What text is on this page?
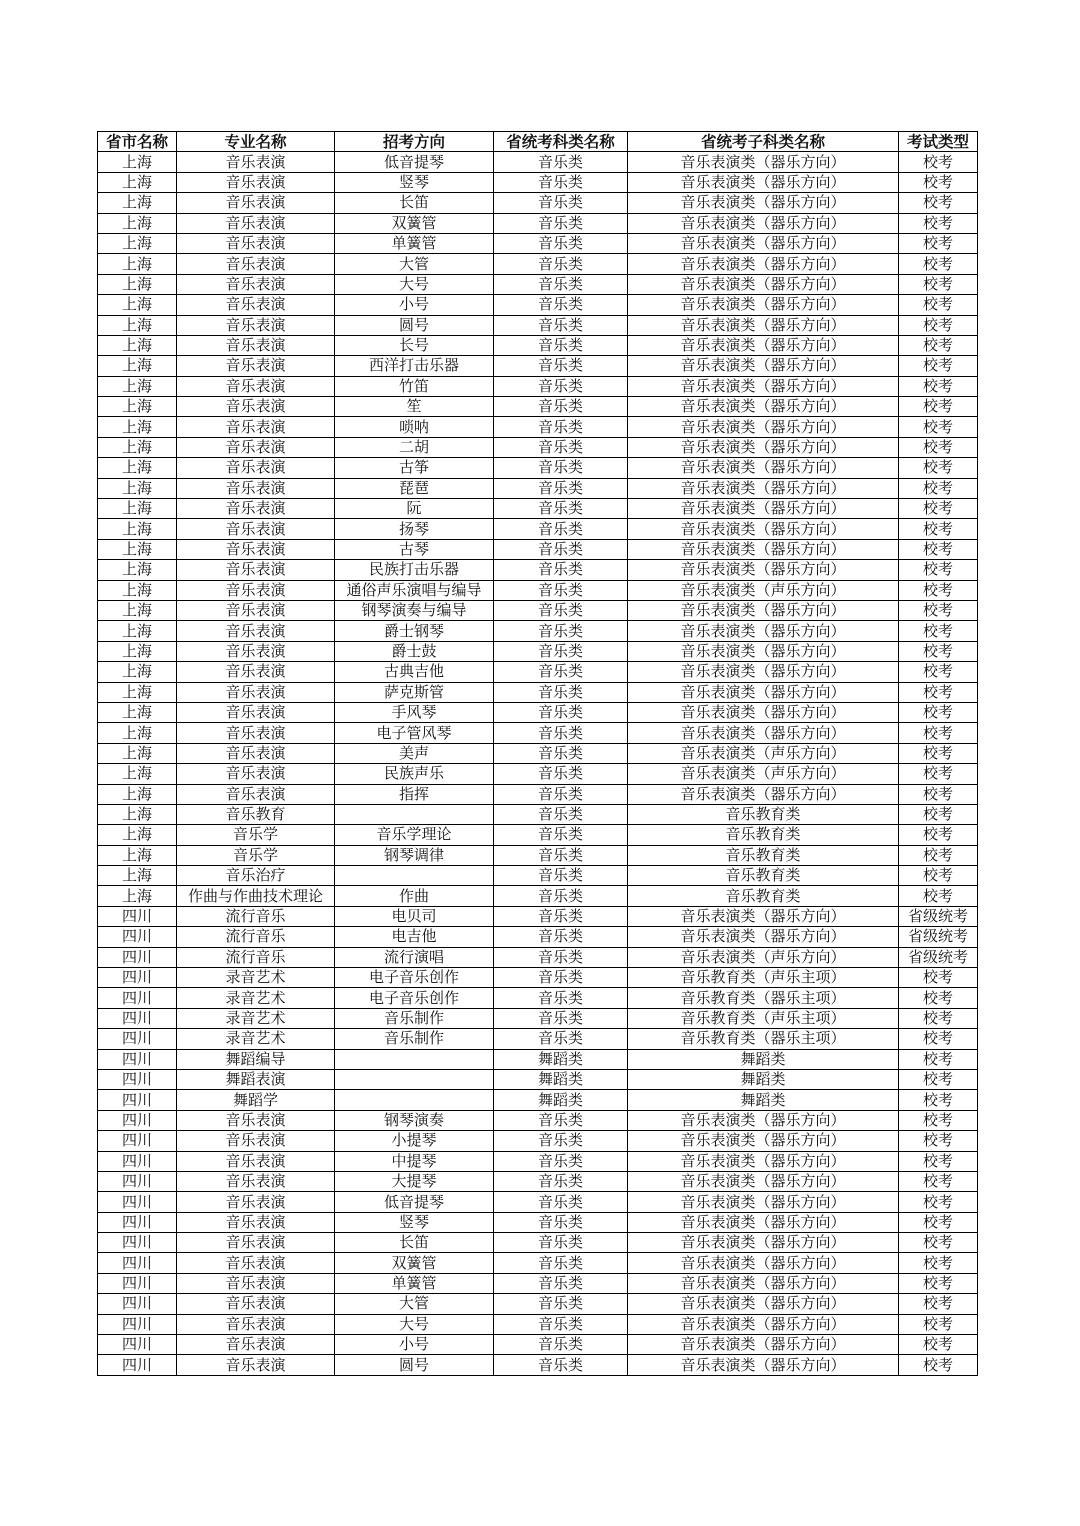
省市名称	专业名称	招考方向	省统考科类名称	省统考子科类名称	考试类型
上海	音乐表演	低音提琴	音乐类	音乐表演类（器乐方向）	校考
上海	音乐表演	竖琴	音乐类	音乐表演类（器乐方向）	校考
上海	音乐表演	长笛	音乐类	音乐表演类（器乐方向）	校考
上海	音乐表演	双簧管	音乐类	音乐表演类（器乐方向）	校考
上海	音乐表演	单簧管	音乐类	音乐表演类（器乐方向）	校考
上海	音乐表演	大管	音乐类	音乐表演类（器乐方向）	校考
上海	音乐表演	大号	音乐类	音乐表演类（器乐方向）	校考
上海	音乐表演	小号	音乐类	音乐表演类（器乐方向）	校考
上海	音乐表演	圆号	音乐类	音乐表演类（器乐方向）	校考
上海	音乐表演	长号	音乐类	音乐表演类（器乐方向）	校考
上海	音乐表演	西洋打击乐器	音乐类	音乐表演类（器乐方向）	校考
上海	音乐表演	竹笛	音乐类	音乐表演类（器乐方向）	校考
上海	音乐表演	笙	音乐类	音乐表演类（器乐方向）	校考
上海	音乐表演	唢呐	音乐类	音乐表演类（器乐方向）	校考
上海	音乐表演	二胡	音乐类	音乐表演类（器乐方向）	校考
上海	音乐表演	古筝	音乐类	音乐表演类（器乐方向）	校考
上海	音乐表演	琵琶	音乐类	音乐表演类（器乐方向）	校考
上海	音乐表演	阮	音乐类	音乐表演类（器乐方向）	校考
上海	音乐表演	扬琴	音乐类	音乐表演类（器乐方向）	校考
上海	音乐表演	古琴	音乐类	音乐表演类（器乐方向）	校考
上海	音乐表演	民族打击乐器	音乐类	音乐表演类（器乐方向）	校考
上海	音乐表演	通俗声乐演唱与编导	音乐类	音乐表演类（声乐方向）	校考
上海	音乐表演	钢琴演奏与编导	音乐类	音乐表演类（器乐方向）	校考
上海	音乐表演	爵士钢琴	音乐类	音乐表演类（器乐方向）	校考
上海	音乐表演	爵士鼓	音乐类	音乐表演类（器乐方向）	校考
上海	音乐表演	古典吉他	音乐类	音乐表演类（器乐方向）	校考
上海	音乐表演	萨克斯管	音乐类	音乐表演类（器乐方向）	校考
上海	音乐表演	手风琴	音乐类	音乐表演类（器乐方向）	校考
上海	音乐表演	电子管风琴	音乐类	音乐表演类（器乐方向）	校考
上海	音乐表演	美声	音乐类	音乐表演类（声乐方向）	校考
上海	音乐表演	民族声乐	音乐类	音乐表演类（声乐方向）	校考
上海	音乐表演	指挥	音乐类	音乐表演类（器乐方向）	校考
上海	音乐教育		音乐类	音乐教育类	校考
上海	音乐学	音乐学理论	音乐类	音乐教育类	校考
上海	音乐学	钢琴调律	音乐类	音乐教育类	校考
上海	音乐治疗		音乐类	音乐教育类	校考
上海	作曲与作曲技术理论	作曲	音乐类	音乐教育类	校考
四川	流行音乐	电贝司	音乐类	音乐表演类（器乐方向）	省级统考
四川	流行音乐	电吉他	音乐类	音乐表演类（器乐方向）	省级统考
四川	流行音乐	流行演唱	音乐类	音乐表演类（声乐方向）	省级统考
四川	录音艺术	电子音乐创作	音乐类	音乐教育类（声乐主项）	校考
四川	录音艺术	电子音乐创作	音乐类	音乐教育类（器乐主项）	校考
四川	录音艺术	音乐制作	音乐类	音乐教育类（声乐主项）	校考
四川	录音艺术	音乐制作	音乐类	音乐教育类（器乐主项）	校考
四川	舞蹈编导		舞蹈类	舞蹈类	校考
四川	舞蹈表演		舞蹈类	舞蹈类	校考
四川	舞蹈学		舞蹈类	舞蹈类	校考
四川	音乐表演	钢琴演奏	音乐类	音乐表演类（器乐方向）	校考
四川	音乐表演	小提琴	音乐类	音乐表演类（器乐方向）	校考
四川	音乐表演	中提琴	音乐类	音乐表演类（器乐方向）	校考
四川	音乐表演	大提琴	音乐类	音乐表演类（器乐方向）	校考
四川	音乐表演	低音提琴	音乐类	音乐表演类（器乐方向）	校考
四川	音乐表演	竖琴	音乐类	音乐表演类（器乐方向）	校考
四川	音乐表演	长笛	音乐类	音乐表演类（器乐方向）	校考
四川	音乐表演	双簧管	音乐类	音乐表演类（器乐方向）	校考
四川	音乐表演	单簧管	音乐类	音乐表演类（器乐方向）	校考
四川	音乐表演	大管	音乐类	音乐表演类（器乐方向）	校考
四川	音乐表演	大号	音乐类	音乐表演类（器乐方向）	校考
四川	音乐表演	小号	音乐类	音乐表演类（器乐方向）	校考
四川	音乐表演	圆号	音乐类	音乐表演类（器乐方向）	校考
